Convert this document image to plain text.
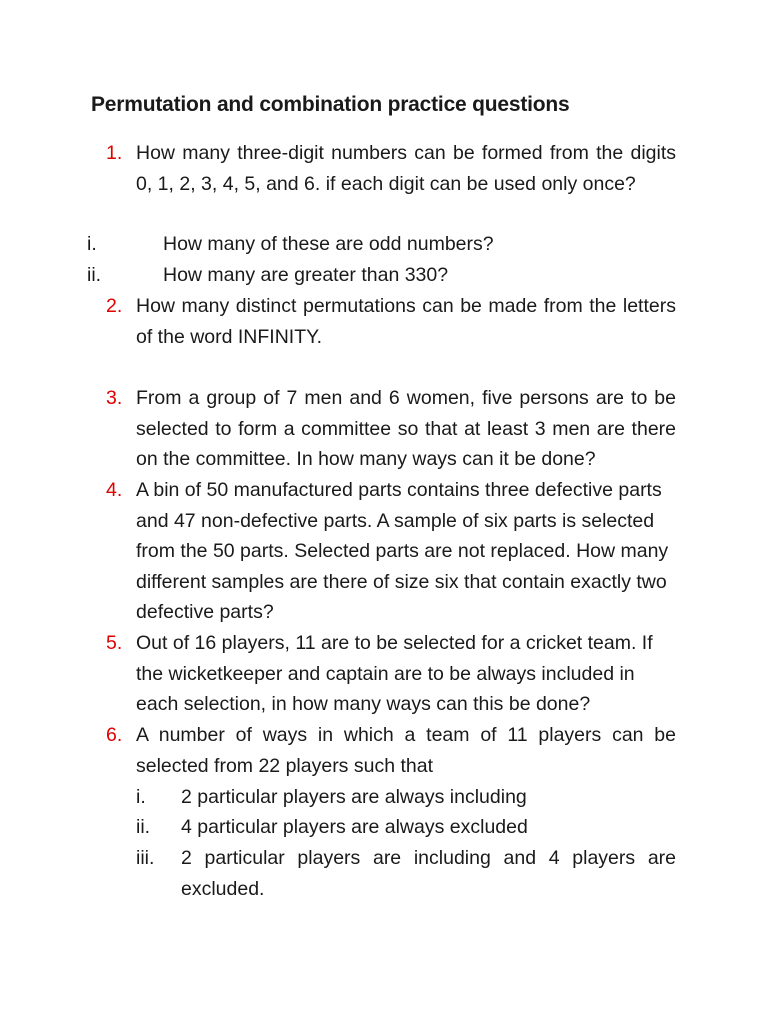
Permutation and combination practice questions
1. How many three-digit numbers can be formed from the digits 0, 1, 2, 3, 4, 5, and 6. if each digit can be used only once?
i.	How many of these are odd numbers?
ii.	How many are greater than 330?
2. How many distinct permutations can be made from the letters of the word INFINITY.
3. From a group of 7 men and 6 women, five persons are to be selected to form a committee so that at least 3 men are there on the committee. In how many ways can it be done?
4. A bin of 50 manufactured parts contains three defective parts and 47 non-defective parts. A sample of six parts is selected from the 50 parts. Selected parts are not replaced. How many different samples are there of size six that contain exactly two defective parts?
5. Out of 16 players, 11 are to be selected for a cricket team. If the wicketkeeper and captain are to be always included in each selection, in how many ways can this be done?
6. A number of ways in which a team of 11 players can be selected from 22 players such that
i. 2 particular players are always including
ii. 4 particular players are always excluded
iii. 2 particular players are including and 4 players are excluded.
